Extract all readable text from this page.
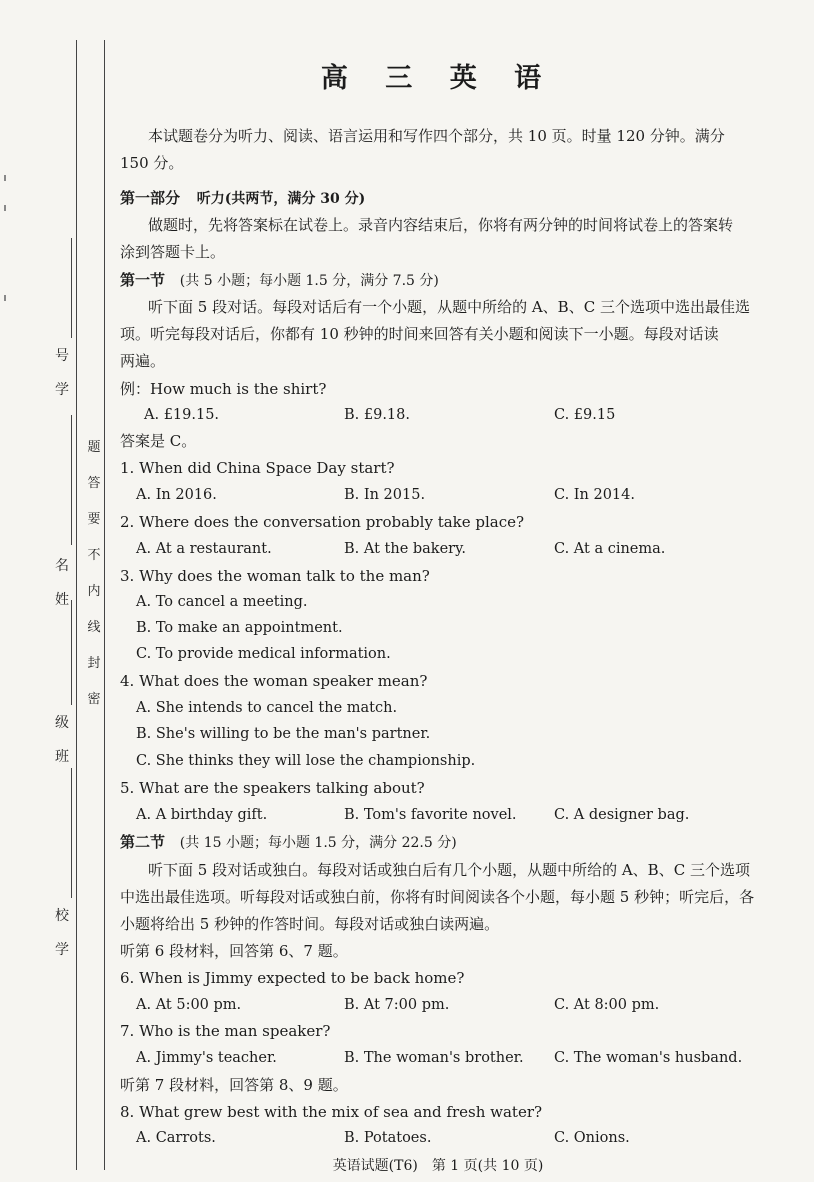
题
答
要
不
内
线
封
密
号
学
名
姓
级
班
校
学
高 三 英 语
本试题卷分为听力、阅读、语言运用和写作四个部分，共 10 页。时量 120 分钟。满分
150 分。
第一部分 听力(共两节，满分 30 分)
做题时，先将答案标在试卷上。录音内容结束后，你将有两分钟的时间将试卷上的答案转
涂到答题卡上。
第一节 (共 5 小题；每小题 1.5 分，满分 7.5 分)
听下面 5 段对话。每段对话后有一个小题，从题中所给的 A、B、C 三个选项中选出最佳选
项。听完每段对话后，你都有 10 秒钟的时间来回答有关小题和阅读下一小题。每段对话读
两遍。
例：How much is the shirt?
A. £19.15.	B. £9.18.	C. £9.15
答案是 C。
1. When did China Space Day start?
A. In 2016.	B. In 2015.	C. In 2014.
2. Where does the conversation probably take place?
A. At a restaurant.	B. At the bakery.	C. At a cinema.
3. Why does the woman talk to the man?
A. To cancel a meeting.
B. To make an appointment.
C. To provide medical information.
4. What does the woman speaker mean?
A. She intends to cancel the match.
B. She's willing to be the man's partner.
C. She thinks they will lose the championship.
5. What are the speakers talking about?
A. A birthday gift.	B. Tom's favorite novel.	C. A designer bag.
第二节 (共 15 小题；每小题 1.5 分，满分 22.5 分)
听下面 5 段对话或独白。每段对话或独白后有几个小题，从题中所给的 A、B、C 三个选项
中选出最佳选项。听每段对话或独白前，你将有时间阅读各个小题，每小题 5 秒钟；听完后，各
小题将给出 5 秒钟的作答时间。每段对话或独白读两遍。
听第 6 段材料，回答第 6、7 题。
6. When is Jimmy expected to be back home?
A. At 5:00 pm.	B. At 7:00 pm.	C. At 8:00 pm.
7. Who is the man speaker?
A. Jimmy's teacher.	B. The woman's brother. C. The woman's husband.
听第 7 段材料，回答第 8、9 题。
8. What grew best with the mix of sea and fresh water?
A. Carrots.	B. Potatoes.	C. Onions.
英语试题(T6)　第 1 页(共 10 页)
